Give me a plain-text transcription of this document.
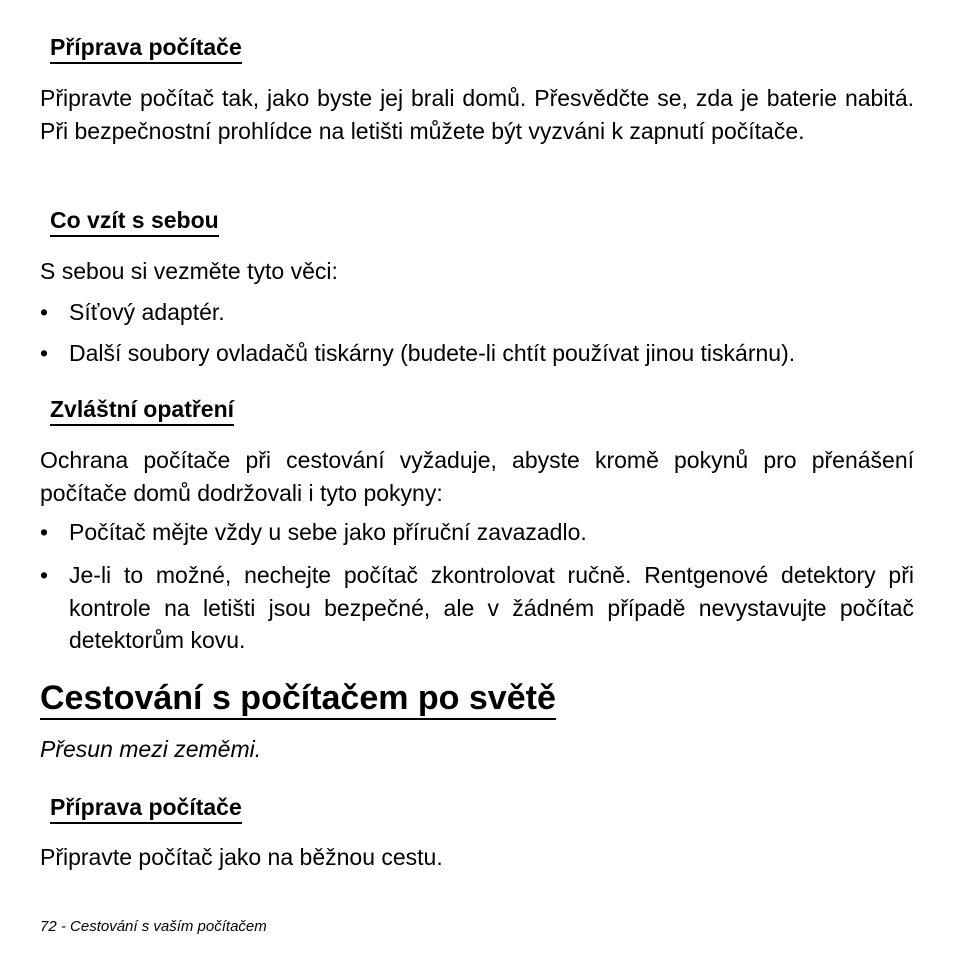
Příprava počítače

Připravte počítač tak, jako byste jej brali domů. Přesvědčte se, zda je baterie nabitá. Při bezpečnostní prohlídce na letišti můžete být vyzváni k zapnutí počítače.

Co vzít s sebou

S sebou si vezměte tyto věci:

• Síťový adaptér.
• Další soubory ovladačů tiskárny (budete-li chtít používat jinou tiskárnu).
Zvláštní opatření

Ochrana počítače při cestování vyžaduje, abyste kromě pokynů pro přenášení počítače domů dodržovali i tyto pokyny:

• Počítač mějte vždy u sebe jako příruční zavazadlo.
• Je-li to možné, nechejte počítač zkontrolovat ručně. Rentgenové detektory při kontrole na letišti jsou bezpečné, ale v žádném případě nevystavujte počítač detektorům kovu.
Cestování s počítačem po světě

Přesun mezi zeměmi.

Příprava počítače

Připravte počítač jako na běžnou cestu.

72 - Cestování s vaším počítačem
